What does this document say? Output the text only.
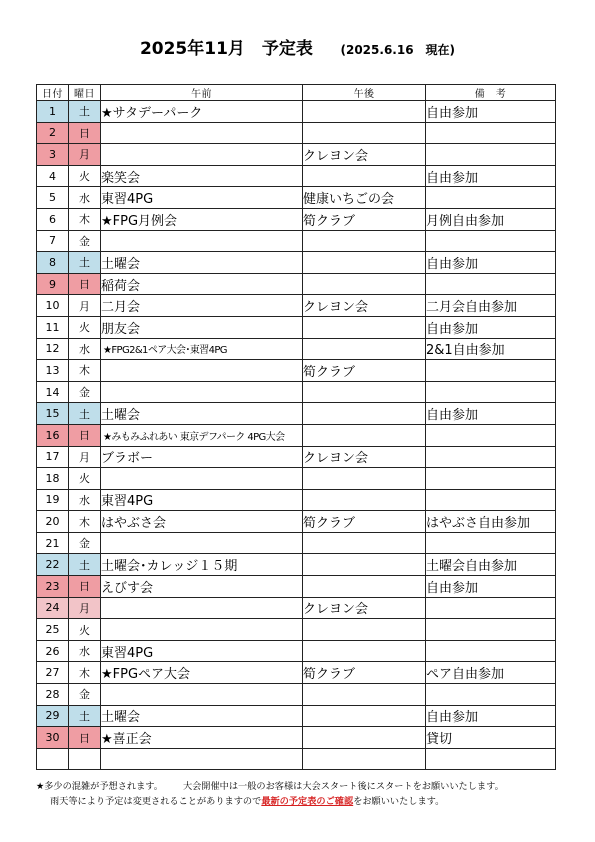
2025年11月　予定表 (2025.6.16　現在)
日付	曜日	午前	午後	備　考
1	土	★サタデーパーク		自由参加
2	日			
3	月		クレヨン会	
4	火	楽笑会		自由参加
5	水	東習4PG	健康いちごの会	
6	木	★FPG月例会	筍クラブ	月例自由参加
7	金			
8	土	土曜会		自由参加
9	日	稲荷会		
10	月	二月会	クレヨン会	二月会自由参加
11	火	朋友会		自由参加
12	水	★FPG2&1ペア大会･東習4PG		2&1自由参加
13	木		筍クラブ	
14	金			
15	土	土曜会		自由参加
16	日	★みもみふれあい 東京デフパーク 4PG大会		
17	月	ブラボー	クレヨン会	
18	火			
19	水	東習4PG		
20	木	はやぶさ会	筍クラブ	はやぶさ自由参加
21	金			
22	土	土曜会･カレッジ１５期		土曜会自由参加
23	日	えびす会		自由参加
24	月		クレヨン会	
25	火			
26	水	東習4PG		
27	木	★FPGペア大会	筍クラブ	ペア自由参加
28	金			
29	土	土曜会		自由参加
30	日	★喜正会		貸切

★多少の混雑が予想されます。 大会開催中は一般のお客様は大会スタート後にスタートをお願いいたします。
雨天等により予定は変更されることがありますので最新の予定表のご確認をお願いいたします。
